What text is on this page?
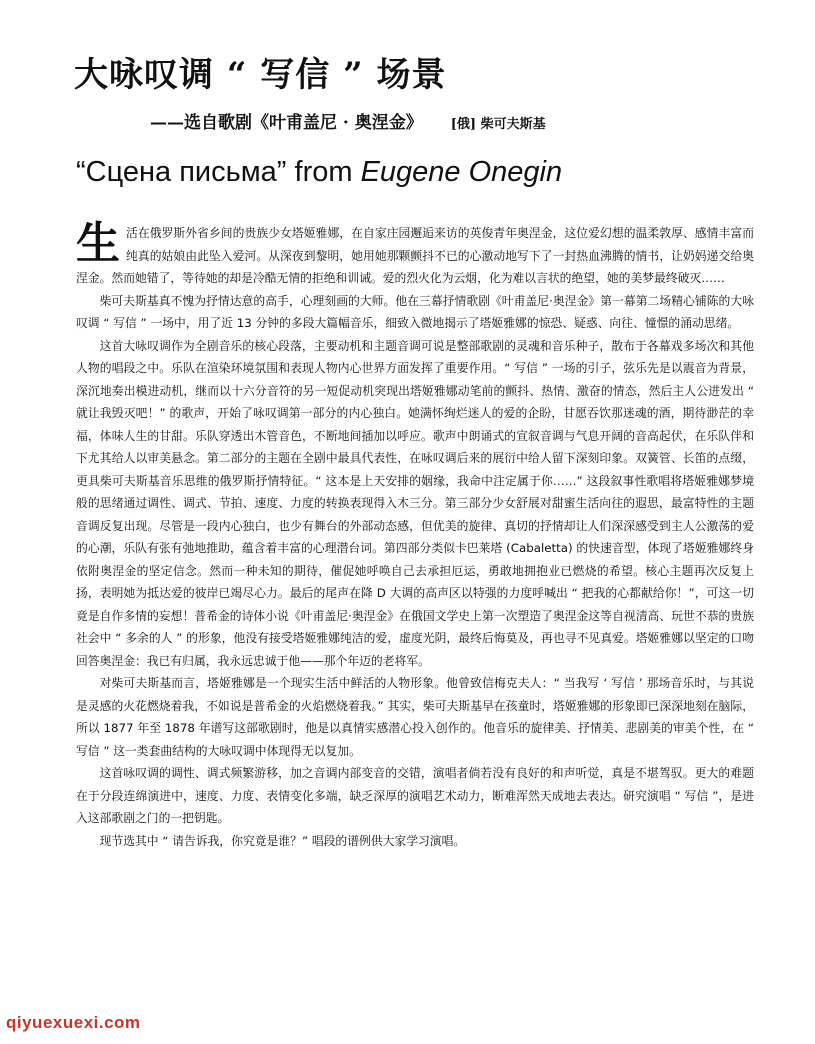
大咏叹调 “ 写信 ” 场景
——选自歌剧《叶甫盖尼 · 奥涅金》 [俄] 柴可夫斯基
“Сцена письма” from Eugene Onegin

生活在俄罗斯外省乡间的贵族少女塔姬雅娜，在自家庄园邂逅来访的英俊青年奥涅金，这位爱幻想的温柔敦厚、感情丰富而纯真的姑娘由此坠入爱河。从深夜到黎明，她用她那颗颤抖不已的心激动地写下了一封热血沸腾的情书，让奶妈递交给奥涅金。然而她错了，等待她的却是冷酷无情的拒绝和训诫。爱的烈火化为云烟，化为难以言状的绝望，她的美梦最终破灭……

柴可夫斯基真不愧为抒情达意的高手，心理刻画的大师。他在三幕抒情歌剧《叶甫盖尼·奥涅金》第一幕第二场精心铺陈的大咏叹调 “ 写信 ” 一场中，用了近 13 分钟的多段大篇幅音乐，细致入微地揭示了塔姬雅娜的惊恐、疑惑、向往、憧憬的涌动思绪。

这首大咏叹调作为全剧音乐的核心段落，主要动机和主题音调可说是整部歌剧的灵魂和音乐种子，散布于各幕戏多场次和其他人物的唱段之中。乐队在渲染环境氛围和表现人物内心世界方面发挥了重要作用。“ 写信 ” 一场的引子，弦乐先是以震音为背景，深沉地奏出模进动机，继而以十六分音符的另一短促动机突现出塔姬雅娜动笔前的颤抖、热情、激奋的情态，然后主人公进发出 “ 就让我毁灭吧！” 的歌声，开始了咏叹调第一部分的内心独白。她满怀绚烂迷人的爱的企盼，甘愿吞饮那迷魂的酒，期待渺茫的幸福，体味人生的甘甜。乐队穿透出木管音色，不断地间插加以呼应。歌声中朗诵式的宣叙音调与气息开阔的音高起伏，在乐队伴和下尤其给人以审美悬念。第二部分的主题在全剧中最具代表性，在咏叹调后来的展衍中给人留下深刻印象。双簧管、长笛的点缀，更具柴可夫斯基音乐思维的俄罗斯抒情特征。“ 这本是上天安排的姻缘，我命中注定属于你……” 这段叙事性歌唱将塔姬雅娜梦境般的思绪通过调性、调式、节拍、速度、力度的转换表现得入木三分。第三部分少女舒展对甜蜜生活向往的遐思，最富特性的主题音调反复出现。尽管是一段内心独白，也少有舞台的外部动态感，但优美的旋律、真切的抒情却让人们深深感受到主人公激荡的爱的心潮，乐队有张有弛地推助，蕴含着丰富的心理潜台词。第四部分类似卡巴莱塔 (Cabaletta) 的快速音型，体现了塔姬雅娜终身依附奥涅金的坚定信念。然而一种未知的期待，催促她呼唤自己去承担厄运，勇敢地拥抱业已燃烧的希望。核心主题再次反复上扬，表明她为抵达爱的彼岸已竭尽心力。最后的尾声在降 D 大调的高声区以特强的力度呼喊出 “ 把我的心都献给你！”，可这一切竟是自作多情的妄想！普希金的诗体小说《叶甫盖尼·奥涅金》在俄国文学史上第一次塑造了奥涅金这等自视清高、玩世不恭的贵族社会中 “ 多余的人 ” 的形象，他没有接受塔姬雅娜纯洁的爱，虚度光阴，最终后悔莫及，再也寻不见真爱。塔姬雅娜以坚定的口吻回答奥涅金：我已有归属，我永远忠诚于他——那个年迈的老将军。

对柴可夫斯基而言，塔姬雅娜是一个现实生活中鲜活的人物形象。他曾致信梅克夫人：“ 当我写 ‘ 写信 ’ 那场音乐时，与其说是灵感的火花燃烧着我，不如说是普希金的火焰燃烧着我。” 其实，柴可夫斯基早在孩童时，塔姬雅娜的形象即已深深地刻在脑际，所以 1877 年至 1878 年谱写这部歌剧时，他是以真情实感潜心投入创作的。他音乐的旋律美、抒情美、悲剧美的审美个性，在 “ 写信 ” 这一类套曲结构的大咏叹调中体现得无以复加。

这首咏叹调的调性、调式频繁游移，加之音调内部变音的交错，演唱者倘若没有良好的和声听觉，真是不堪驾驭。更大的难题在于分段连绵演进中，速度、力度、表情变化多端，缺乏深厚的演唱艺术动力，断难浑然天成地去表达。研究演唱 “ 写信 ”，是进入这部歌剧之门的一把钥匙。

现节选其中 “ 请告诉我，你究竟是谁？” 唱段的谱例供大家学习演唱。

qiyuexuexi.com
